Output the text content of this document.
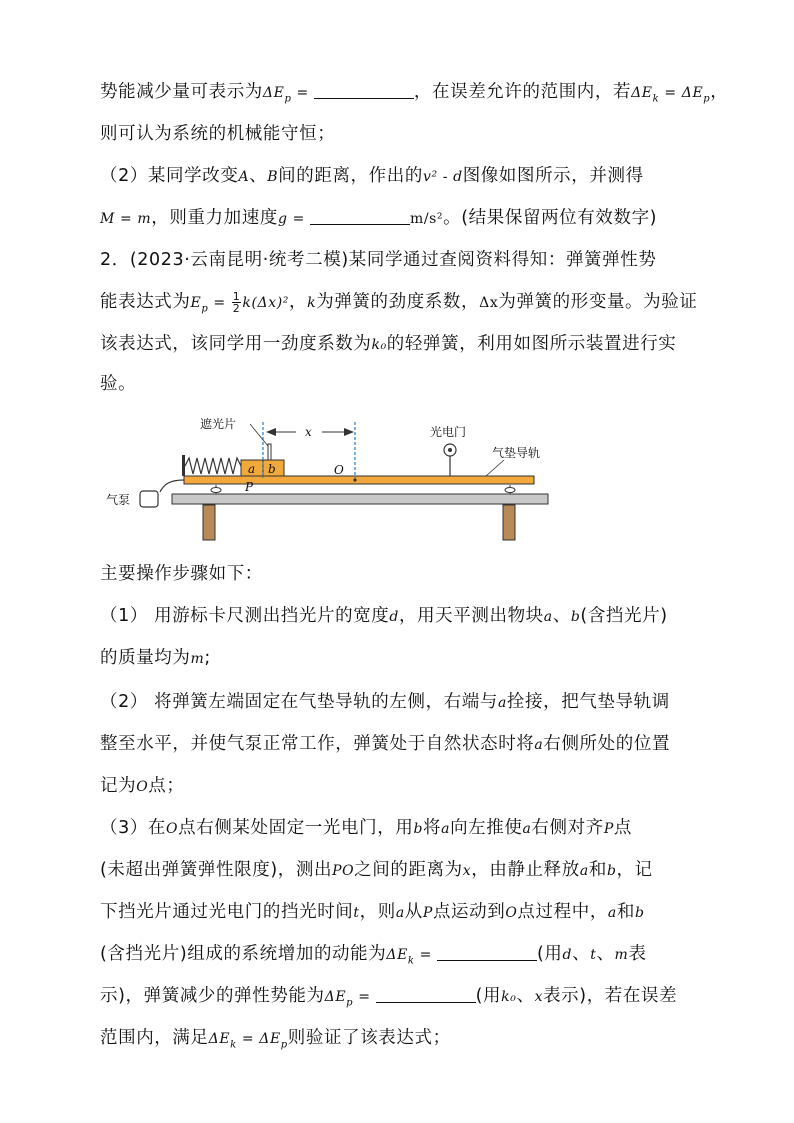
势能减少量可表示为$\Delta E_p$ =	，在误差允许的范围内，若$\Delta E_k = \Delta E_p$，
则可认为系统的机械能守恒；
（2）某同学改变A、B间的距离，作出的v² - d图像如图所示，并测得
M = m，则重力加速度g =	m/s²。(结果保留两位有效数字)
2．(2023·云南昆明·统考二模)某同学通过查阅资料得知：弹簧弹性势
能表达式为$E_p = \frac{1}{2} k(\Delta x)^2$，k为弹簧的劲度系数，Δx为弹簧的形变量。为验证
该表达式，该同学用一劲度系数为k₀的轻弹簧，利用如图所示装置进行实
验。
a b
P
O
x
遮光片
光电门
气垫导轨
气泵
主要操作步骤如下：
（1） 用游标卡尺测出挡光片的宽度d，用天平测出物块a、b(含挡光片)
的质量均为m;
（2） 将弹簧左端固定在气垫导轨的左侧，右端与a拴接，把气垫导轨调
整至水平，并使气泵正常工作，弹簧处于自然状态时将a右侧所处的位置
记为O点；
（3）在O点右侧某处固定一光电门，用b将a向左推使a右侧对齐P点
(未超出弹簧弹性限度)，测出PO之间的距离为x，由静止释放a和b，记
下挡光片通过光电门的挡光时间t，则a从P点运动到O点过程中，a和b
(含挡光片)组成的系统增加的动能为$\Delta E_k$ =	(用d、t、m表
示)，弹簧减少的弹性势能为$\Delta E_p$ =	(用k₀、x表示)，若在误差
范围内，满足$\Delta E_k = \Delta E_p$则验证了该表达式；
